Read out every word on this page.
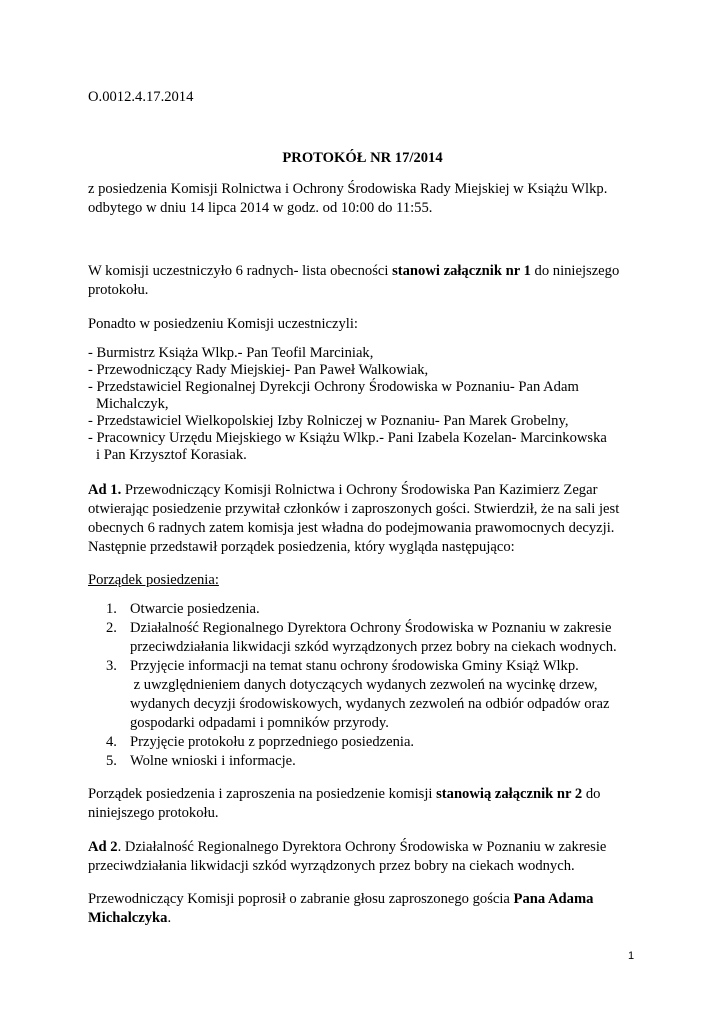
O.0012.4.17.2014

PROTOKÓŁ NR 17/2014

z posiedzenia Komisji Rolnictwa i Ochrony Środowiska Rady Miejskiej w Książu Wlkp.

odbytego w dniu 14 lipca 2014 w godz. od 10:00 do 11:55.

W komisji uczestniczyło 6 radnych- lista obecności stanowi załącznik nr 1 do niniejszego

protokołu.

Ponadto w posiedzeniu Komisji uczestniczyli:

- Burmistrz Książa Wlkp.- Pan Teofil Marciniak,

- Przewodniczący Rady Miejskiej- Pan Paweł Walkowiak,

- Przedstawiciel Regionalnej Dyrekcji Ochrony Środowiska w Poznaniu- Pan Adam

Michalczyk,

- Przedstawiciel Wielkopolskiej Izby Rolniczej w Poznaniu- Pan Marek Grobelny,

- Pracownicy Urzędu Miejskiego w Książu Wlkp.- Pani Izabela Kozelan- Marcinkowska

i Pan Krzysztof Korasiak.

Ad 1. Przewodniczący Komisji Rolnictwa i Ochrony Środowiska Pan Kazimierz Zegar

otwierając posiedzenie przywitał członków i zaproszonych gości. Stwierdził, że na sali jest

obecnych 6 radnych zatem komisja jest władna do podejmowania prawomocnych decyzji.

Następnie przedstawił porządek posiedzenia, który wygląda następująco:

Porządek posiedzenia:

1. Otwarcie posiedzenia.
2. Działalność Regionalnego Dyrektora Ochrony Środowiska w Poznaniu w zakresie
przeciwdziałania likwidacji szkód wyrządzonych przez bobry na ciekach wodnych.
3. Przyjęcie informacji na temat stanu ochrony środowiska Gminy Książ Wlkp.
z uwzględnieniem danych dotyczących wydanych zezwoleń na wycinkę drzew,
wydanych decyzji środowiskowych, wydanych zezwoleń na odbiór odpadów oraz
gospodarki odpadami i pomników przyrody.
4. Przyjęcie protokołu z poprzedniego posiedzenia.
5. Wolne wnioski i informacje.

Porządek posiedzenia i zaproszenia na posiedzenie komisji stanowią załącznik nr 2 do

niniejszego protokołu.

Ad 2. Działalność Regionalnego Dyrektora Ochrony Środowiska w Poznaniu w zakresie

przeciwdziałania likwidacji szkód wyrządzonych przez bobry na ciekach wodnych.

Przewodniczący Komisji poprosił o zabranie głosu zaproszonego gościa Pana Adama

Michalczyka.

1
